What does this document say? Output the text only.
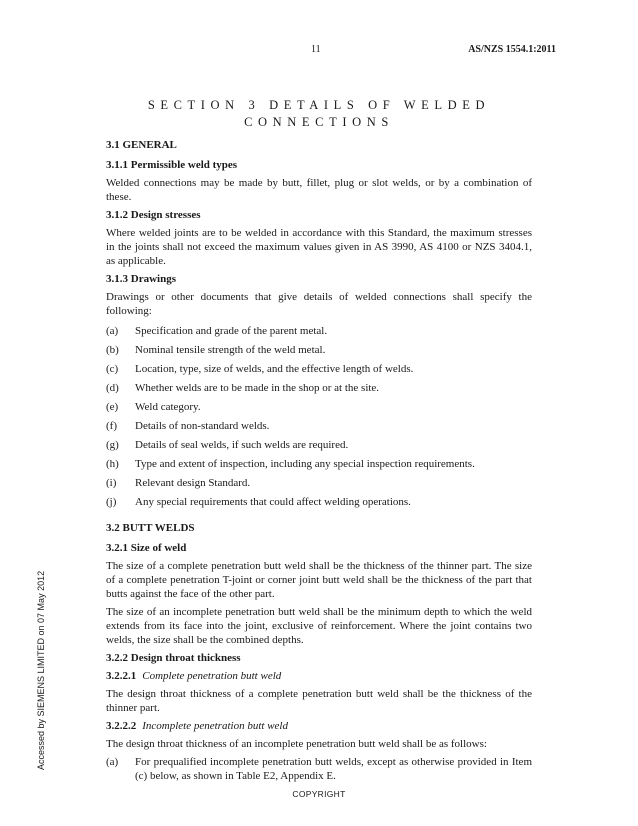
11	AS/NZS 1554.1:2011
SECTION 3 DETAILS OF WELDED
CONNECTIONS
3.1 GENERAL
3.1.1 Permissible weld types

Welded connections may be made by butt, fillet, plug or slot welds, or by a combination of these.

3.1.2 Design stresses

Where welded joints are to be welded in accordance with this Standard, the maximum stresses in the joints shall not exceed the maximum values given in AS 3990, AS 4100 or NZS 3404.1, as applicable.

3.1.3 Drawings

Drawings or other documents that give details of welded connections shall specify the following:

(a)	Specification and grade of the parent metal.
(b)	Nominal tensile strength of the weld metal.
(c)	Location, type, size of welds, and the effective length of welds.
(d)	Whether welds are to be made in the shop or at the site.
(e)	Weld category.
(f)	Details of non-standard welds.
(g)	Details of seal welds, if such welds are required.
(h)	Type and extent of inspection, including any special inspection requirements.
(i)	Relevant design Standard.
(j)	Any special requirements that could affect welding operations.
3.2 BUTT WELDS
3.2.1 Size of weld

The size of a complete penetration butt weld shall be the thickness of the thinner part. The size of a complete penetration T-joint or corner joint butt weld shall be the thickness of the part that butts against the face of the other part.

The size of an incomplete penetration butt weld shall be the minimum depth to which the weld extends from its face into the joint, exclusive of reinforcement. Where the joint contains two welds, the size shall be the combined depths.

3.2.2 Design throat thickness
3.2.2.1 Complete penetration butt weld

The design throat thickness of a complete penetration butt weld shall be the thickness of the thinner part.

3.2.2.2 Incomplete penetration butt weld

The design throat thickness of an incomplete penetration butt weld shall be as follows:

(a)	For prequalified incomplete penetration butt welds, except as otherwise provided in Item (c) below, as shown in Table E2, Appendix E.
COPYRIGHT
Accessed by SIEMENS LIMITED on 07 May 2012
